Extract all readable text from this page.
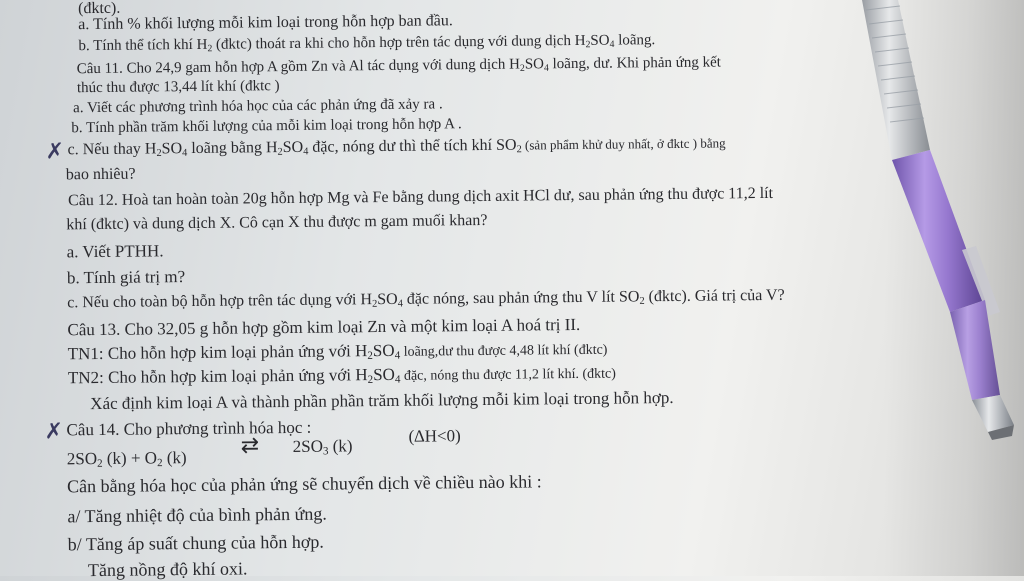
(đktc).
a. Tính % khối lượng mỗi kim loại trong hỗn hợp ban đầu.
b. Tính thể tích khí $H_2$ (đktc) thoát ra khi cho hỗn hợp trên tác dụng với dung dịch $H_2SO_4$ loãng.
Câu 11. Cho 24,9 gam hỗn hợp A gồm Zn và Al tác dụng với dung dịch $H_2SO_4$ loãng, dư. Khi phản ứng kết
thúc thu được 13,44 lít khí (đktc )
a. Viết các phương trình hóa học của các phản ứng đã xảy ra .
b. Tính phần trăm khối lượng của mỗi kim loại trong hỗn hợp A .
✗ c. Nếu thay $H_2SO_4$ loãng bằng $H_2SO_4$ đặc, nóng dư thì thể tích khí $SO_2$ (sản phẩm khử duy nhất, ở đktc ) bằng
bao nhiêu?
Câu 12. Hoà tan hoàn toàn 20g hỗn hợp Mg và Fe bằng dung dịch axit HCl dư, sau phản ứng thu được 11,2 lít
khí (đktc) và dung dịch X. Cô cạn X thu được m gam muối khan?
a. Viết PTHH.
b. Tính giá trị m?
c. Nếu cho toàn bộ hỗn hợp trên tác dụng với $H_2SO_4$ đặc nóng, sau phản ứng thu V lít $SO_2$ (đktc). Giá trị của V?
Câu 13. Cho 32,05 g hỗn hợp gồm kim loại Zn và một kim loại A hoá trị II.
TN1: Cho hỗn hợp kim loại phản ứng với $H_2SO_4$ loãng,dư thu được 4,48 lít khí (đktc)
TN2: Cho hỗn hợp kim loại phản ứng với $H_2SO_4$ đặc, nóng thu được 11,2 lít khí. (đktc)
Xác định kim loại A và thành phần phần trăm khối lượng mỗi kim loại trong hỗn hợp.
✗ Câu 14. Cho phương trình hóa học :
$2SO_2$ $(k) + O_2$ (k) ⇄ $2SO_3$ (k)
(∆H<0)
Cân bằng hóa học của phản ứng sẽ chuyển dịch về chiều nào khi :
a/ Tăng nhiệt độ của bình phản ứng.
b/ Tăng áp suất chung của hỗn hợp.
Tăng nồng độ khí oxi.
